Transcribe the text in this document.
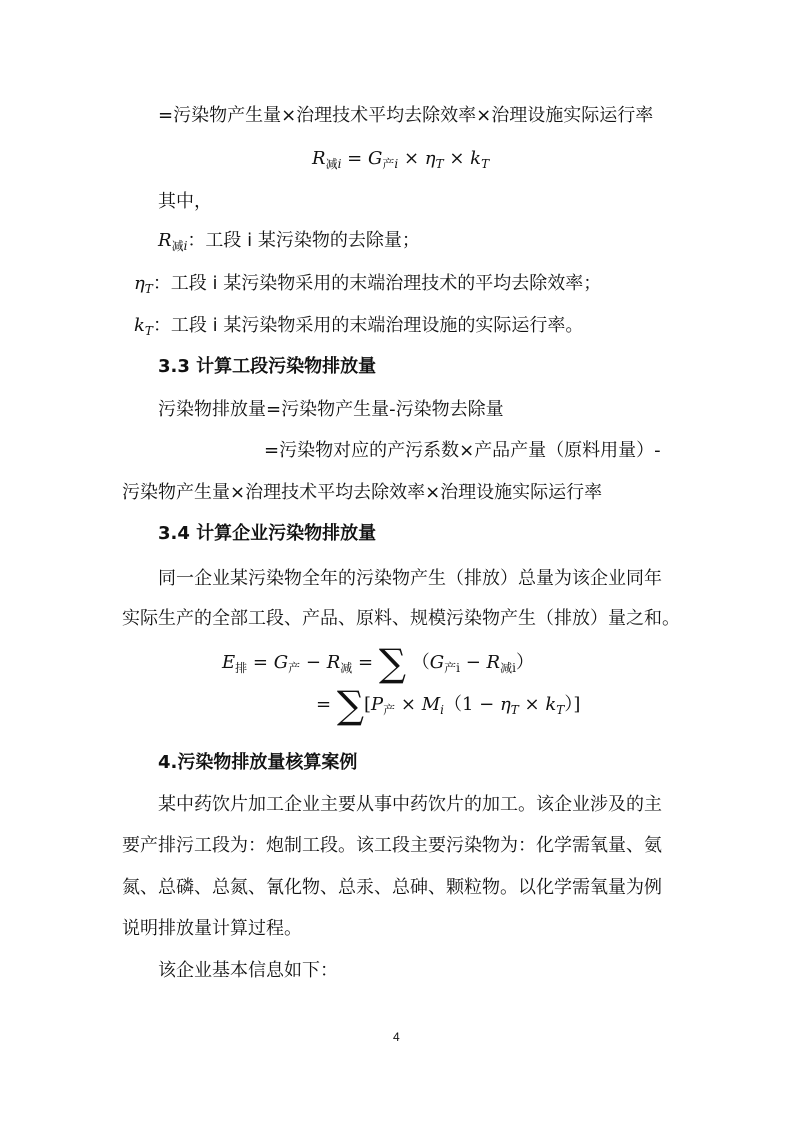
=污染物产生量×治理技术平均去除效率×治理设施实际运行率
$R_{减i} = G_{产i} \times \eta_T \times k_T$
其中，
$R_{减i}$：工段 i 某污染物的去除量；
$\eta_T$：工段 i 某污染物采用的末端治理技术的平均去除效率；
$k_T$：工段 i 某污染物采用的末端治理设施的实际运行率。
3.3 计算工段污染物排放量
污染物排放量=污染物产生量-污染物去除量
=污染物对应的产污系数×产品产量（原料用量）-
污染物产生量×治理技术平均去除效率×治理设施实际运行率
3.4 计算企业污染物排放量
同一企业某污染物全年的污染物产生（排放）总量为该企业同年
实际生产的全部工段、产品、原料、规模污染物产生（排放）量之和。
$E_排 = G_产 - R_减$ = ∑ $(G_{产i} - R_{减i})$
= $\sum[P_产 \times M_i(1 - \eta_T \times k_T)]$
4.污染物排放量核算案例
某中药饮片加工企业主要从事中药饮片的加工。该企业涉及的主
要产排污工段为：炮制工段。该工段主要污染物为：化学需氧量、氨
氮、总磷、总氮、氰化物、总汞、总砷、颗粒物。以化学需氧量为例
说明排放量计算过程。
该企业基本信息如下：
4
